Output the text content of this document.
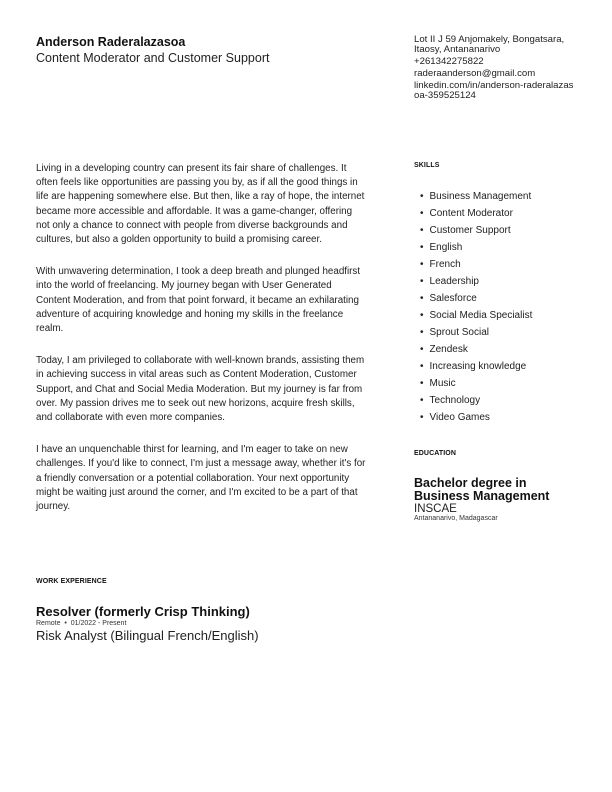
Anderson Raderalazasoa
Content Moderator and Customer Support
Lot II J 59 Anjomakely, Bongatsara, Itaosy, Antananarivo
+261342275822
raderaanderson@gmail.com
linkedin.com/in/anderson-raderalazasoa-359525124

Living in a developing country can present its fair share of challenges. It often feels like opportunities are passing you by, as if all the good things in life are happening somewhere else. But then, like a ray of hope, the internet became more accessible and affordable. It was a game-changer, offering not only a chance to connect with people from diverse backgrounds and cultures, but also a golden opportunity to build a promising career.

With unwavering determination, I took a deep breath and plunged headfirst into the world of freelancing. My journey began with User Generated Content Moderation, and from that point forward, it became an exhilarating adventure of acquiring knowledge and honing my skills in the freelance realm.

Today, I am privileged to collaborate with well-known brands, assisting them in achieving success in vital areas such as Content Moderation, Customer Support, and Chat and Social Media Moderation. But my journey is far from over. My passion drives me to seek out new horizons, acquire fresh skills, and collaborate with even more companies.

I have an unquenchable thirst for learning, and I'm eager to take on new challenges. If you'd like to connect, I'm just a message away, whether it's for a friendly conversation or a potential collaboration. Your next opportunity might be waiting just around the corner, and I'm excited to be a part of that journey.

WORK EXPERIENCE
Resolver (formerly Crisp Thinking)
Remote  •  01/2022 - Present
Risk Analyst (Bilingual French/English)
SKILLS
• Business Management
• Content Moderator
• Customer Support
• English
• French
• Leadership
• Salesforce
• Social Media Specialist
• Sprout Social
• Zendesk
• Increasing knowledge
• Music
• Technology
• Video Games
EDUCATION
Bachelor degree in Business Management
INSCAE
Antananarivo, Madagascar
